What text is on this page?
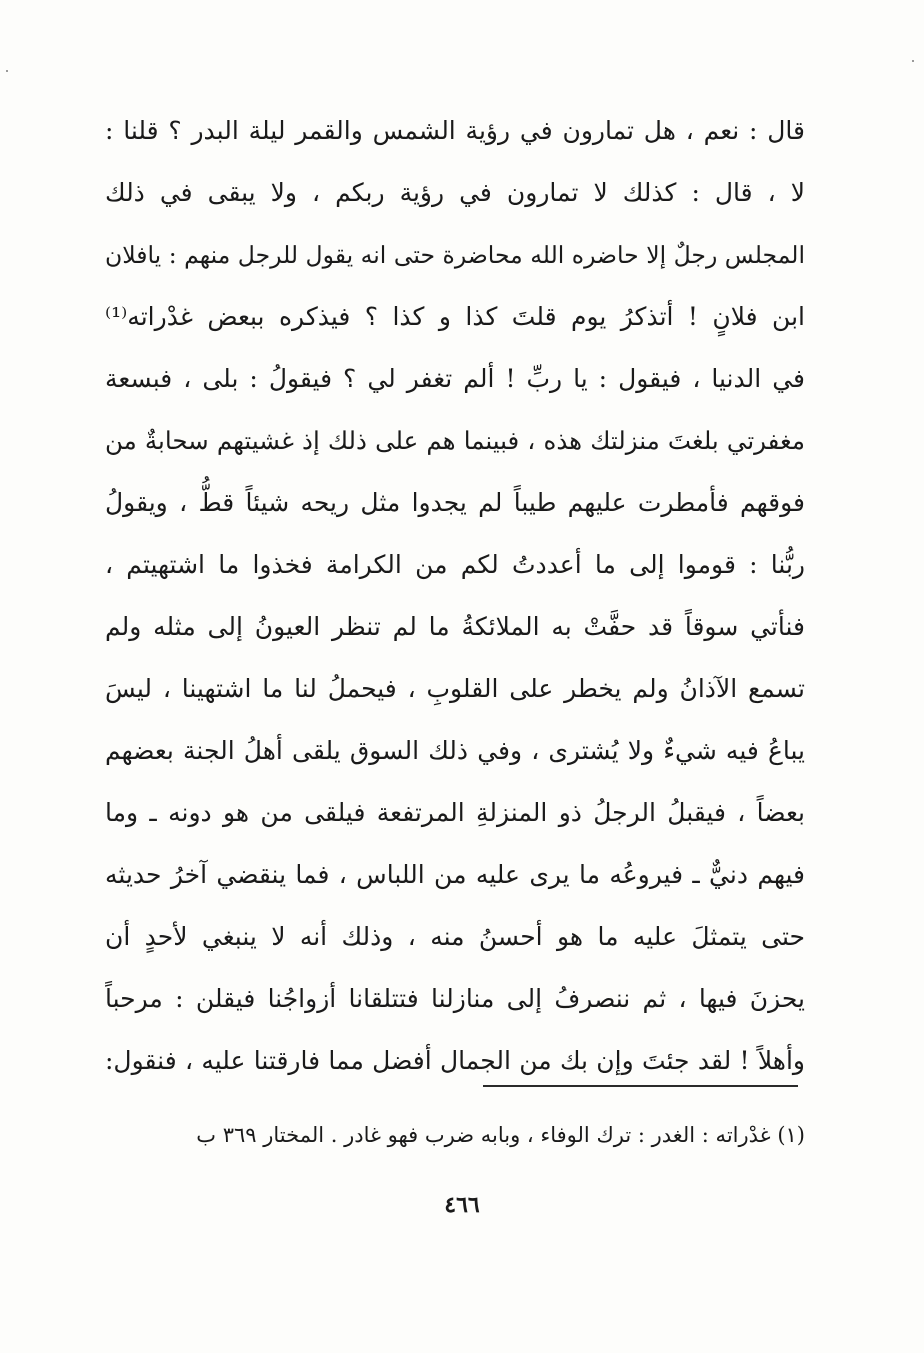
قال : نعم ، هل تمارون في رؤية الشمس والقمر ليلة البدر ؟ قلنا :
لا ، قال : كذلك لا تمارون في رؤية ربكم ، ولا يبقى في ذلك
المجلس رجلٌ إلا حاضره الله محاضرة حتى انه يقول للرجل منهم : يافلان
ابن فلانٍ ! أتذكرُ يوم قلتَ كذا و كذا ؟ فيذكره ببعض غدْراته⁽¹⁾
في الدنيا ، فيقول : يا ربِّ ! ألم تغفر لي ؟ فيقولُ : بلى ، فبسعة
مغفرتي بلغتَ منزلتك هذه ، فبينما هم على ذلك إذ غشيتهم سحابةٌ من
فوقهم فأمطرت عليهم طيباً لم يجدوا مثل ريحه شيئاً قطُّ ، ويقولُ
ربُّنا : قوموا إلى ما أعددتُ لكم من الكرامة فخذوا ما اشتهيتم ،
فنأتي سوقاً قد حفَّتْ به الملائكةُ ما لم تنظر العيونُ إلى مثله ولم
تسمع الآذانُ ولم يخطر على القلوبِ ، فيحملُ لنا ما اشتهينا ، ليسَ
يباعُ فيه شيءٌ ولا يُشترى ، وفي ذلك السوق يلقى أهلُ الجنة بعضهم
بعضاً ، فيقبلُ الرجلُ ذو المنزلةِ المرتفعة فيلقى من هو دونه ـ وما
فيهم دنيٌّ ـ فيروعُه ما يرى عليه من اللباس ، فما ينقضي آخرُ حديثه
حتى يتمثلَ عليه ما هو أحسنُ منه ، وذلك أنه لا ينبغي لأحدٍ أن
يحزنَ فيها ، ثم ننصرفُ إلى منازلنا فتتلقانا أزواجُنا فيقلن : مرحباً
وأهلاً ! لقد جئتَ وإن بك من الجمال أفضل مما فارقتنا عليه ، فنقول:
(١) غدْراته : الغدر : ترك الوفاء ، وبابه ضرب فهو غادر . المختار ٣٦٩ ب
٤٦٦
